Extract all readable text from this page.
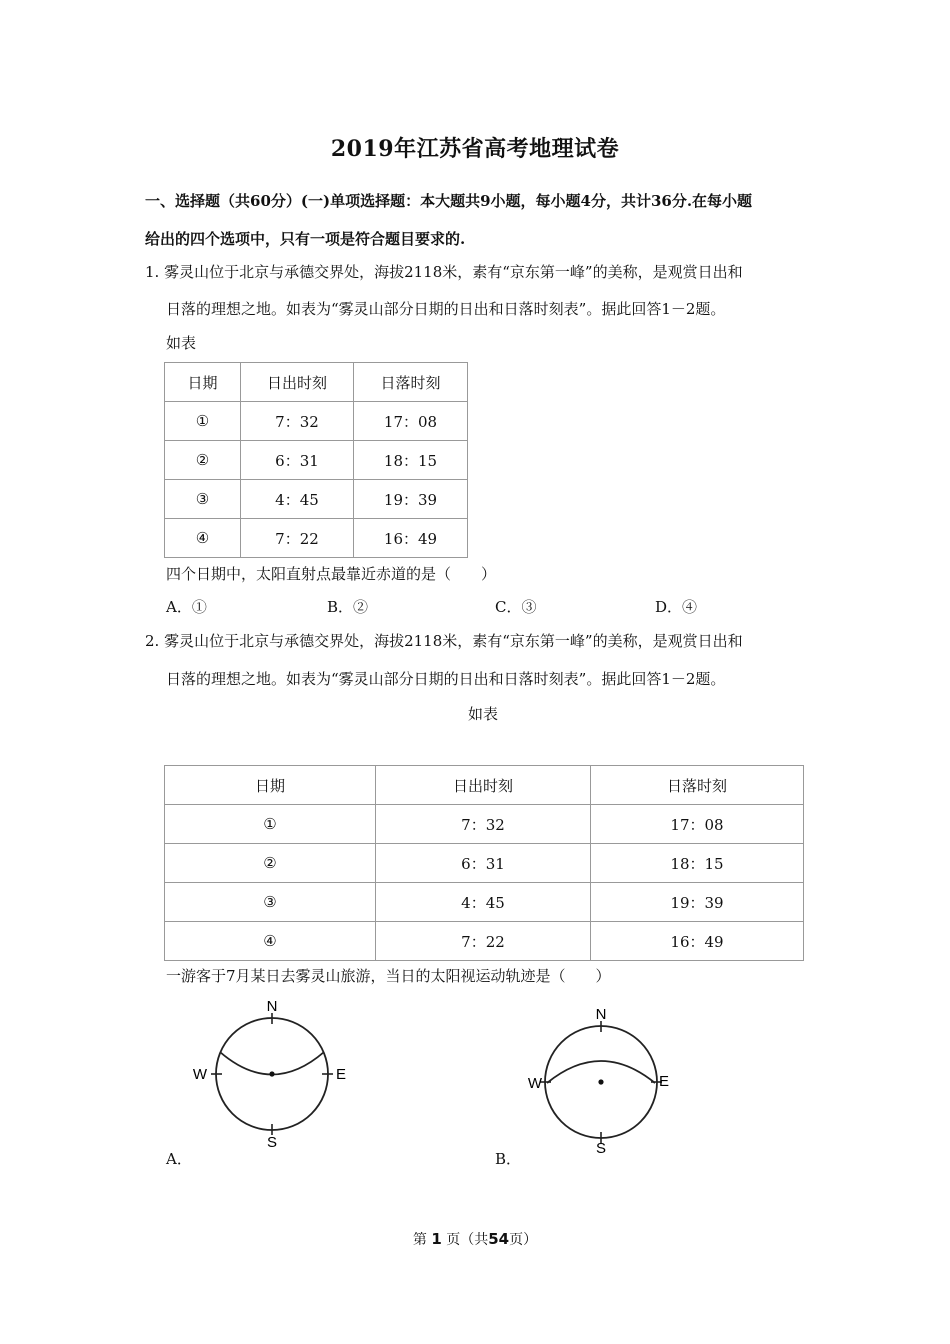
2019年江苏省高考地理试卷
一、选择题（共60分）(一)单项选择题：本大题共9小题，每小题4分，共计36分.在每小题
给出的四个选项中，只有一项是符合题目要求的.
1. 雾灵山位于北京与承德交界处，海拔2118米，素有“京东第一峰”的美称，是观赏日出和
日落的理想之地。如表为“雾灵山部分日期的日出和日落时刻表”。据此回答1－2题。
如表
日期	日出时刻	日落时刻
①	7：32	17：08
②	6：31	18：15
③	4：45	19：39
④	7：22	16：49
四个日期中，太阳直射点最靠近赤道的是（　　）
A．①	B．②	C．③	D．④
2. 雾灵山位于北京与承德交界处，海拔2118米，素有“京东第一峰”的美称，是观赏日出和
日落的理想之地。如表为“雾灵山部分日期的日出和日落时刻表”。据此回答1－2题。
如表
日期	日出时刻	日落时刻
①	7：32	17：08
②	6：31	18：15
③	4：45	19：39
④	7：22	16：49
一游客于7月某日去雾灵山旅游，当日的太阳视运动轨迹是（　　）
N
S
W	E
A．
N
S
W	E
B．
第 1 页（共54页）
